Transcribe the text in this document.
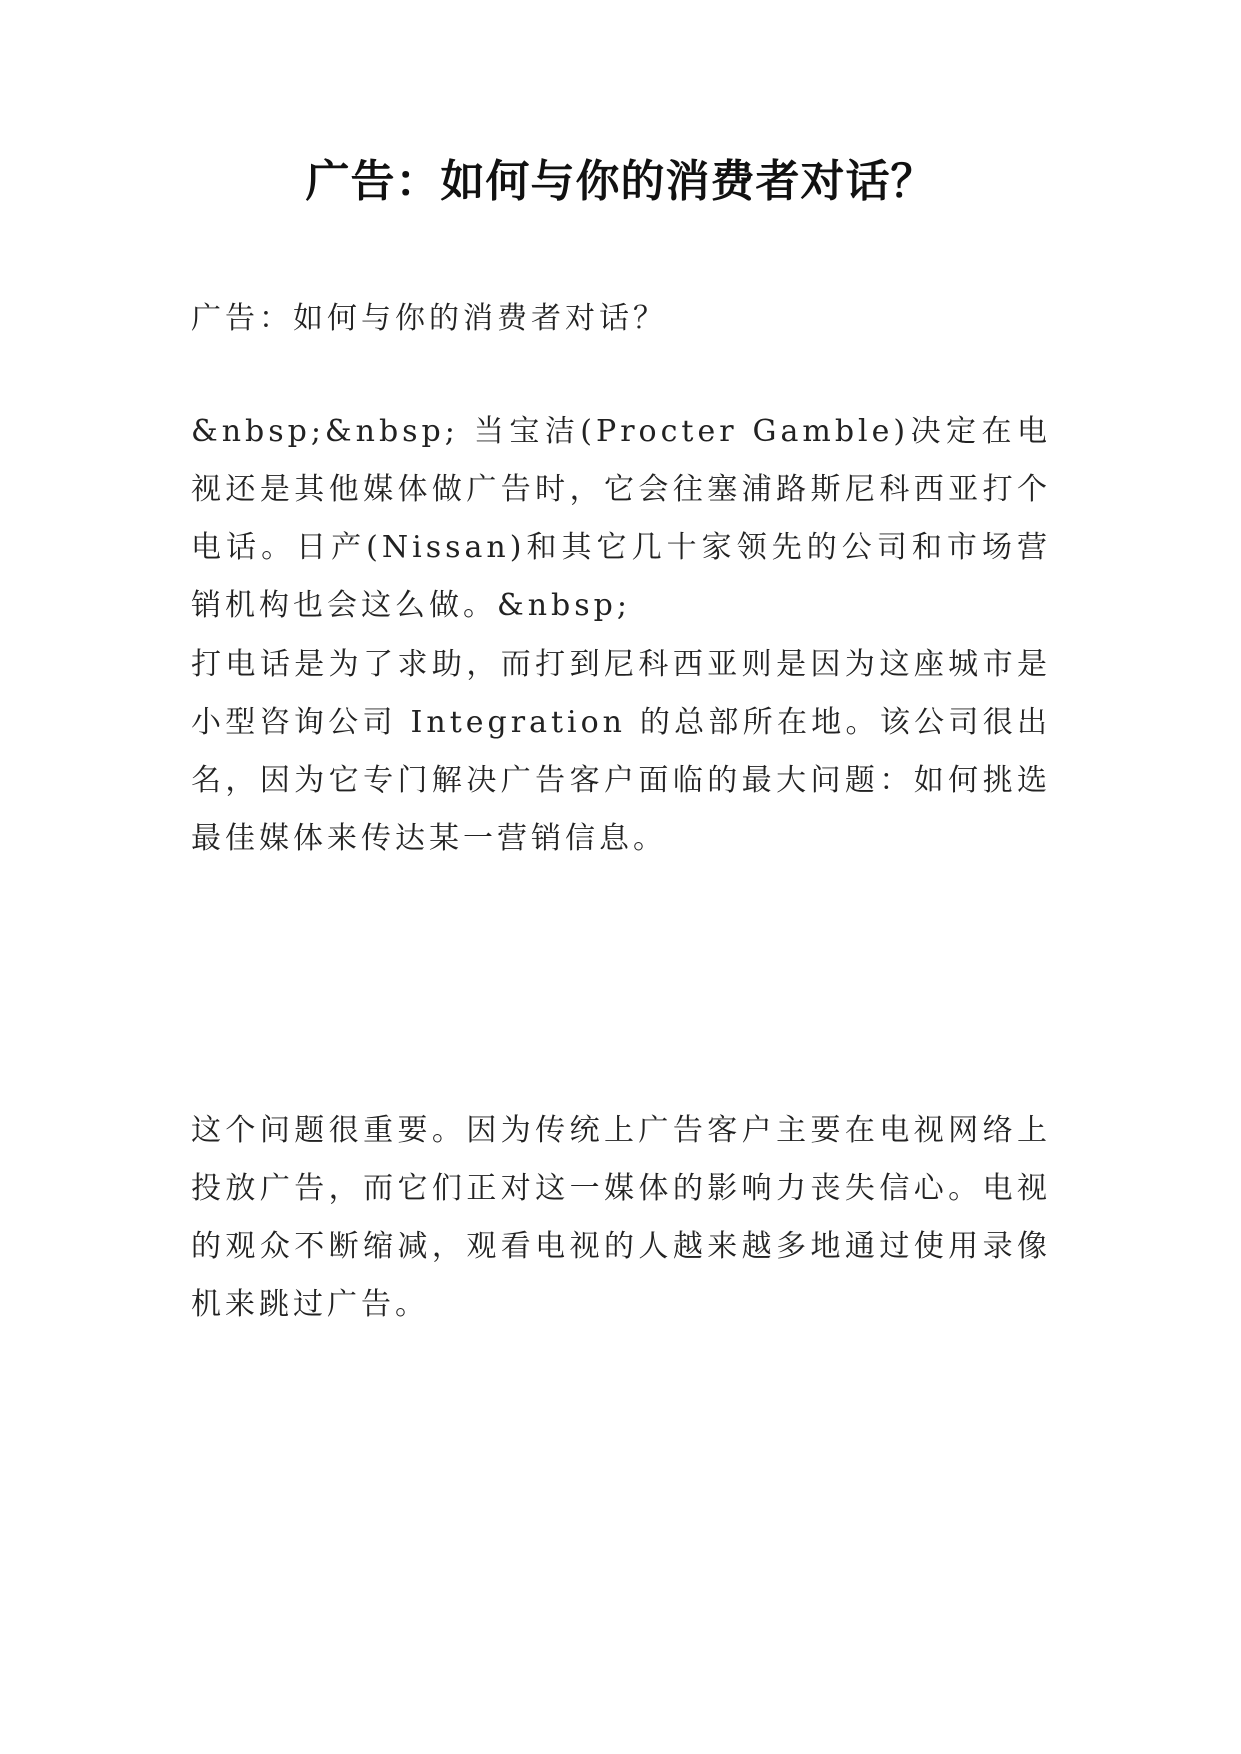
广告：如何与你的消费者对话？

广告：如何与你的消费者对话？

&nbsp;&nbsp; 当宝洁(Procter Gamble)决定在电视还是其他媒体做广告时，它会往塞浦路斯尼科西亚打个电话。日产(Nissan)和其它几十家领先的公司和市场营销机构也会这么做。&nbsp;

打电话是为了求助，而打到尼科西亚则是因为这座城市是小型咨询公司 Integration 的总部所在地。该公司很出名，因为它专门解决广告客户面临的最大问题：如何挑选最佳媒体来传达某一营销信息。

这个问题很重要。因为传统上广告客户主要在电视网络上投放广告，而它们正对这一媒体的影响力丧失信心。电视的观众不断缩减，观看电视的人越来越多地通过使用录像机来跳过广告。
